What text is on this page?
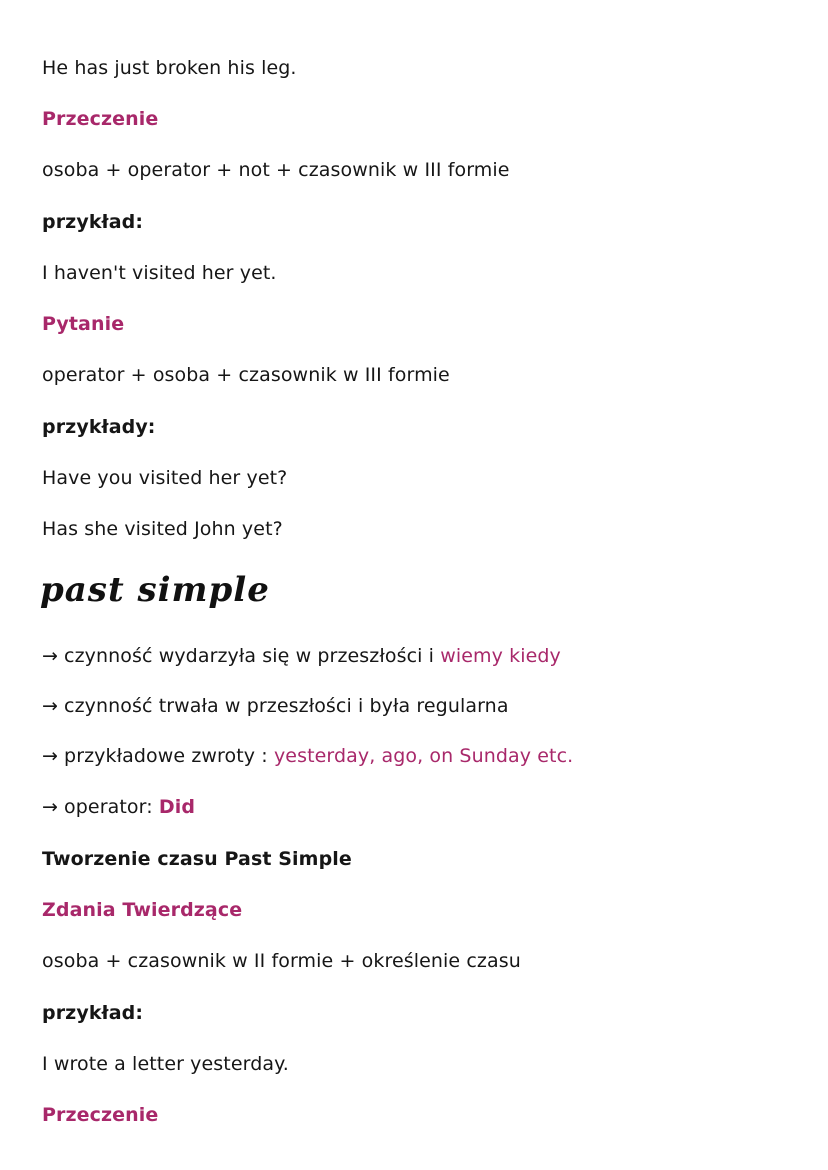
He has just broken his leg.
Przeczenie
osoba + operator + not + czasownik w III formie
przykład:
I haven't visited her yet.
Pytanie
operator + osoba + czasownik w III formie
przykłady:
Have you visited her yet?
Has she visited John yet?
past simple
→ czynność wydarzyła się w przeszłości i wiemy kiedy
→ czynność trwała w przeszłości i była regularna
→ przykładowe zwroty : yesterday, ago, on Sunday etc.
→ operator: Did
Tworzenie czasu Past Simple
Zdania Twierdzące
osoba + czasownik w II formie + określenie czasu
przykład:
I wrote a letter yesterday.
Przeczenie
